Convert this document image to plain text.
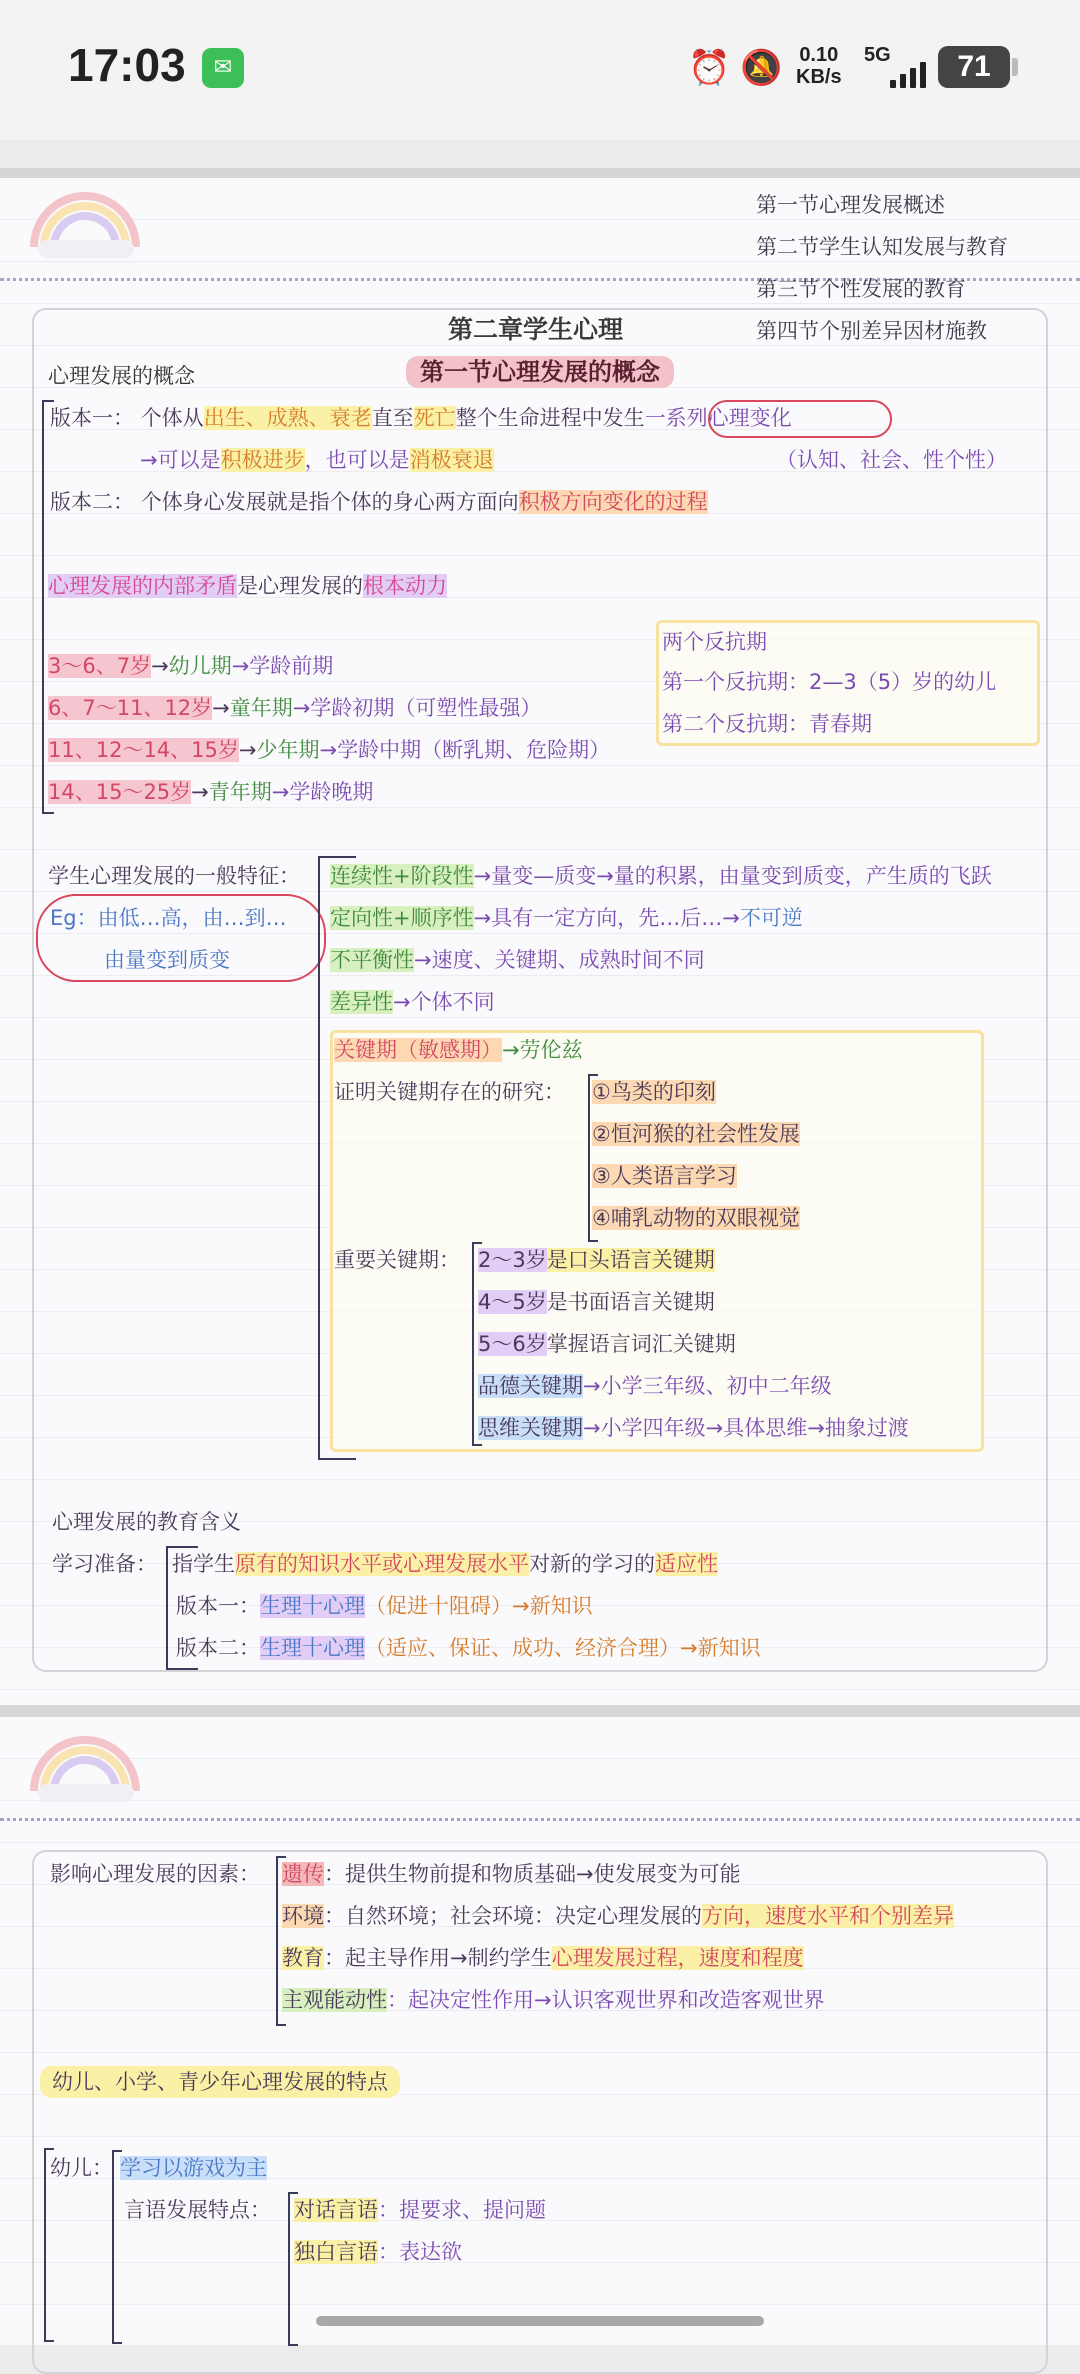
17:03	✉	⏰ 🔕 0.10
KB/s
5G	71
第一节心理发展概述
第二节学生认知发展与教育
第三节个性发展的教育
第四节个别差异因材施教
第二章学生心理
心理发展的概念	第一节心理发展的概念
版本一： 个体从出生、成熟、衰老直至死亡整个生命进程中发生一系列心理变化
→可以是积极进步，也可以是消极衰退	（认知、社会、性个性）
版本二： 个体身心发展就是指个体的身心两方面向积极方向变化的过程
心理发展的内部矛盾是心理发展的根本动力
两个反抗期
第一个反抗期：2—3（5）岁的幼儿
第二个反抗期：青春期
3～6、7岁→幼儿期→学龄前期
6、7～11、12岁→童年期→学龄初期（可塑性最强）
11、12～14、15岁→少年期→学龄中期（断乳期、危险期）
14、15～25岁→青年期→学龄晚期
学生心理发展的一般特征：
Eg：由低…高，由…到…
由量变到质变
连续性+阶段性→量变—质变→量的积累，由量变到质变，产生质的飞跃
定向性+顺序性→具有一定方向，先…后…→不可逆
不平衡性→速度、关键期、成熟时间不同
差异性→个体不同
关键期（敏感期）→劳伦兹
证明关键期存在的研究： ①鸟类的印刻
②恒河猴的社会性发展
③人类语言学习
④哺乳动物的双眼视觉
重要关键期： 2～3岁是口头语言关键期
4～5岁是书面语言关键期
5～6岁掌握语言词汇关键期
品德关键期→小学三年级、初中二年级
思维关键期→小学四年级→具体思维→抽象过渡
心理发展的教育含义
学习准备： 指学生原有的知识水平或心理发展水平对新的学习的适应性
版本一：生理十心理（促进十阻碍）→新知识
版本二：生理十心理（适应、保证、成功、经济合理）→新知识
影响心理发展的因素： 遗传：提供生物前提和物质基础→使发展变为可能
环境：自然环境；社会环境：决定心理发展的方向，速度水平和个别差异
教育：起主导作用→制约学生心理发展过程，速度和程度
主观能动性：起决定性作用→认识客观世界和改造客观世界
幼儿、小学、青少年心理发展的特点
幼儿： 学习以游戏为主
言语发展特点： 对话言语：提要求、提问题
独白言语：表达欲
